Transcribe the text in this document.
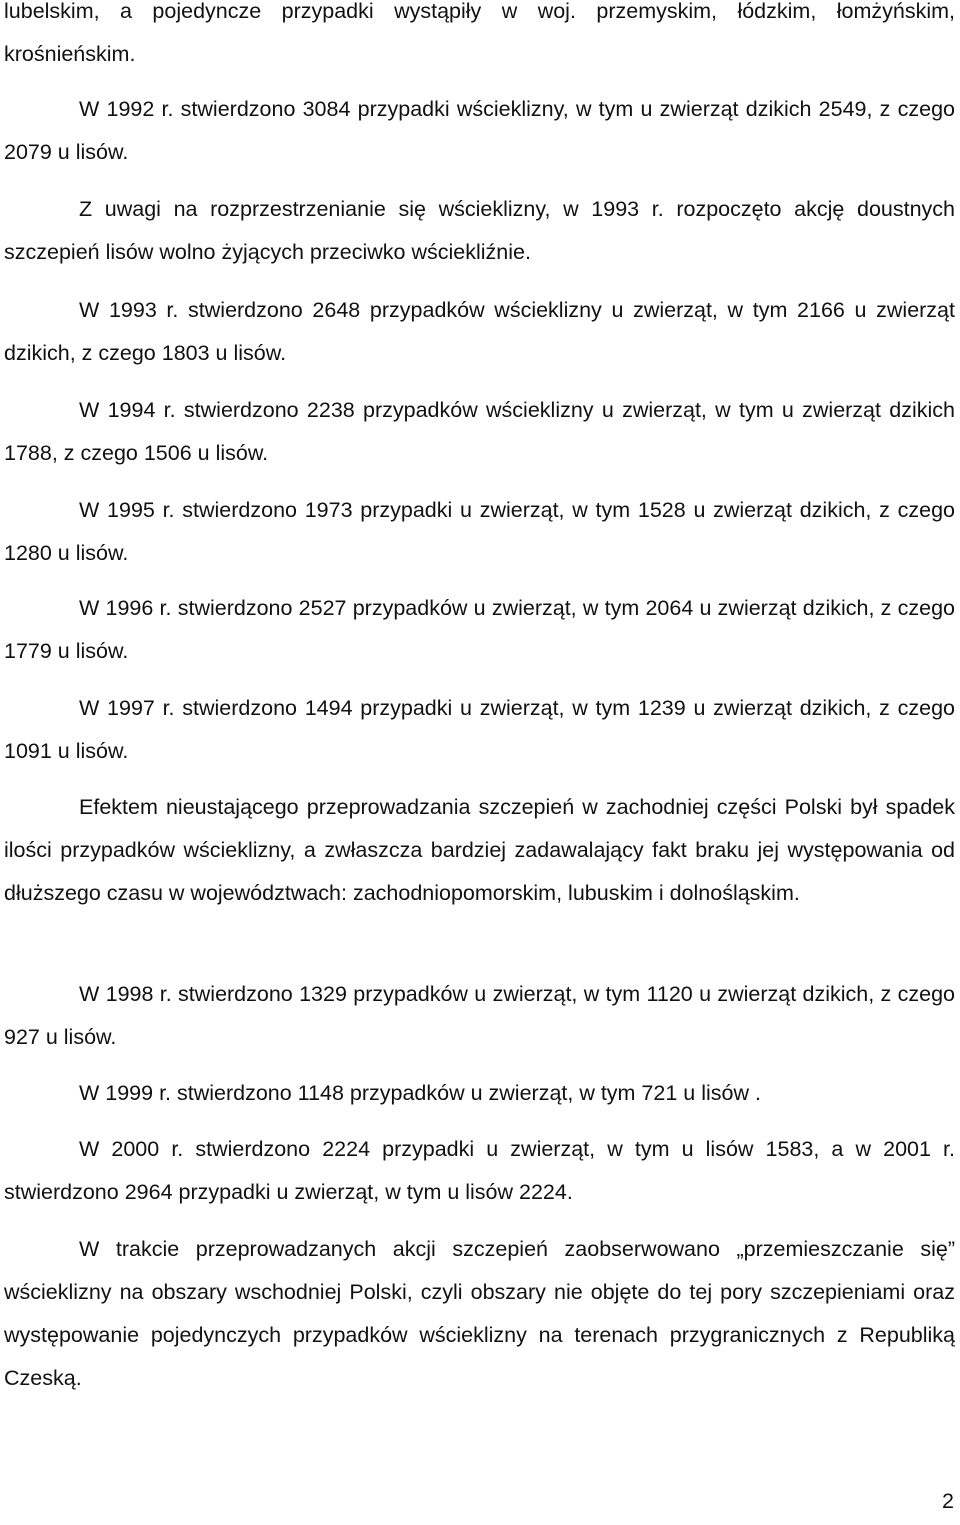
lubelskim, a pojedyncze przypadki wystąpiły w woj. przemyskim, łódzkim, łomżyńskim, krośnieńskim.

W 1992 r. stwierdzono 3084 przypadki wścieklizny, w tym u zwierząt dzikich 2549, z czego 2079 u lisów.

Z uwagi na rozprzestrzenianie się wścieklizny, w 1993 r. rozpoczęto akcję doustnych szczepień lisów wolno żyjących przeciwko wściekliźnie.

W 1993 r. stwierdzono 2648 przypadków wścieklizny u zwierząt, w tym 2166 u zwierząt dzikich, z czego 1803 u lisów.

W 1994 r. stwierdzono 2238 przypadków wścieklizny u zwierząt, w tym u zwierząt dzikich 1788, z czego 1506 u lisów.

W 1995 r. stwierdzono 1973 przypadki u zwierząt, w tym 1528 u zwierząt dzikich, z czego 1280 u lisów.

W 1996 r. stwierdzono 2527 przypadków u zwierząt, w tym 2064 u zwierząt dzikich, z czego 1779 u lisów.

W 1997 r. stwierdzono 1494 przypadki u zwierząt, w tym 1239 u zwierząt dzikich, z czego 1091 u lisów.

Efektem nieustającego przeprowadzania szczepień w zachodniej części Polski był spadek ilości przypadków wścieklizny, a zwłaszcza bardziej zadawalający fakt braku jej występowania od dłuższego czasu w województwach: zachodniopomorskim, lubuskim i dolnośląskim.

W 1998 r. stwierdzono 1329 przypadków u zwierząt, w tym 1120 u zwierząt dzikich, z czego 927 u lisów.

W 1999 r. stwierdzono 1148 przypadków u zwierząt, w tym 721 u lisów .

W 2000 r. stwierdzono 2224 przypadki u zwierząt, w tym u lisów 1583, a w 2001 r. stwierdzono 2964 przypadki u zwierząt, w tym u lisów 2224.

W trakcie przeprowadzanych akcji szczepień zaobserwowano „przemieszczanie się” wścieklizny na obszary wschodniej Polski, czyli obszary nie objęte do tej pory szczepieniami oraz występowanie pojedynczych przypadków wścieklizny na terenach przygranicznych z Republiką Czeską.

2
